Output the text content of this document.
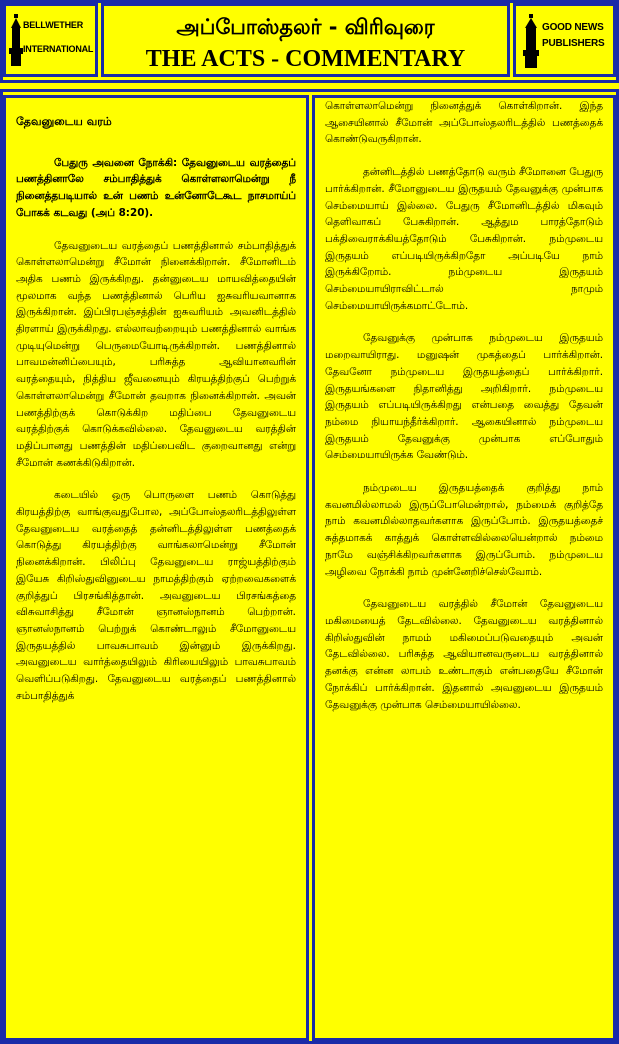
BELLWETHER
INTERNATIONAL
அப்போஸ்தலர் - விரிவுரை
THE ACTS - COMMENTARY
GOOD NEWS
PUBLISHERS
தேவனுடைய வரம்
பேதுரு அவனை நோக்கி: தேவனுடைய வரத்தைப் பணத்தினாலே சம்பாதித்துக் கொள்ளலாமென்று நீ நினைத்தபடியால் உன் பணம் உன்னோடேகூட நாசமாய்ப் போகக் கடவது (அப் 8:20).
தேவனுடைய வரத்தைப் பணத்தினால் சம்பாதித்துக் கொள்ளலாமென்று சீமோன் நினைக்கிறான். சீமோனிடம் அதிக பணம் இருக்கிறது. தன்னுடைய மாயவித்தையின் மூலமாக வந்த பணத்தினால் பெரிய ஐசுவரியவானாக இருக்கிறான். இப்பிரபஞ்சத்தின் ஐசுவரியம் அவனிடத்தில் திரளாய் இருக்கிறது. எல்லாவற்றையும் பணத்தினால் வாங்க முடியுமென்று பெருமையோடிருக்கிறான். பணத்தினால் பாவமன்னிப்பையும், பரிசுத்த ஆவியானவரின் வரத்தையும், நித்திய ஜீவனையும் கிரயத்திற்குப் பெற்றுக் கொள்ளலாமென்று சீமோன் தவறாக நினைக்கிறான். அவன் பணத்திற்குக் கொடுக்கிற மதிப்பை தேவனுடைய வரத்திற்குக் கொடுக்கவில்லை. தேவனுடைய வரத்தின் மதிப்பானது பணத்தின் மதிப்பைவிட குறைவானது என்று சீமோன் கணக்கிடுகிறான்.
கடையில் ஒரு பொருளை பணம் கொடுத்து கிரயத்திற்கு வாங்குவதுபோல, அப்போஸ்தலரிடத்திலுள்ள தேவனுடைய வரத்தைத் தன்னிடத்திலுள்ள பணத்தைக் கொடுத்து கிரயத்திற்கு வாங்கலாமென்று சீமோன் நினைக்கிறான். பிலிப்பு தேவனுடைய ராஜ்யத்திற்கும் இயேசு கிறிஸ்துவினுடைய நாமத்திற்கும் ஏற்றவைகளைக் குறித்துப் பிரசங்கித்தான். அவனுடைய பிரசங்கத்தை விசுவாசித்து சீமோன் ஞானஸ்நானம் பெற்றான். ஞானஸ்நானம் பெற்றுக் கொண்டாலும் சீமோனுடைய இருதயத்தில் பாவசுபாவம் இன்னும் இருக்கிறது. அவனுடைய வார்த்தையிலும் கிரியையிலும் பாவசுபாவம் வெளிப்படுகிறது. தேவனுடைய வரத்தைப் பணத்தினால் சம்பாதித்துக்
கொள்ளலாமென்று நினைத்துக் கொள்கிறான். இந்த ஆசையினால் சீமோன் அப்போஸ்தலரிடத்தில் பணத்தைக் கொண்டுவருகிறான்.
தன்னிடத்தில் பணத்தோடு வரும் சீமோனை பேதுரு பார்க்கிறான். சீமோனுடைய இருதயம் தேவனுக்கு முன்பாக செம்மையாய் இல்லை. பேதுரு சீமோனிடத்தில் மிகவும் தெளிவாகப் பேசுகிறான். ஆத்தும பாரத்தோடும் பக்திவைராக்கியத்தோடும் பேசுகிறான். நம்முடைய இருதயம் எப்படியிருக்கிறதோ அப்படியே நாம் இருக்கிறோம். நம்முடைய இருதயம் செம்மையாயிராவிட்டால் நாமும் செம்மையாயிருக்கமாட்டோம்.
தேவனுக்கு முன்பாக நம்முடைய இருதயம் மறைவாயிராது. மனுஷன் முகத்தைப் பார்க்கிறான். தேவனோ நம்முடைய இருதயத்தைப் பார்க்கிறார். இருதயங்களை நிதானித்து அறிகிறார். நம்முடைய இருதயம் எப்படியிருக்கிறது என்பதை வைத்து தேவன் நம்மை நியாயந்தீர்க்கிறார். ஆகையினால் நம்முடைய இருதயம் தேவனுக்கு முன்பாக எப்போதும் செம்மையாயிருக்க வேண்டும்.
நம்முடைய இருதயத்தைக் குறித்து நாம் கவனமில்லாமல் இருப்போமென்றால், நம்மைக் குறித்தே நாம் கவனமில்லாதவர்களாக இருப்போம். இருதயத்தைச் சுத்தமாகக் காத்துக் கொள்ளவில்லையென்றால் நம்மை நாமே வஞ்சிக்கிறவர்களாக இருப்போம். நம்முடைய அழிவை நோக்கி நாம் முன்னேறிச்செல்வோம்.
தேவனுடைய வரத்தில் சீமோன் தேவனுடைய மகிமையைத் தேடவில்லை. தேவனுடைய வரத்தினால் கிறிஸ்துவின் நாமம் மகிமைப்படுவதையும் அவன் தேடவில்லை. பரிசுத்த ஆவியானவருடைய வரத்தினால் தனக்கு என்ன லாபம் உண்டாகும் என்பதையே சீமோன் நோக்கிப் பார்க்கிறான். இதனால் அவனுடைய இருதயம் தேவனுக்கு முன்பாக செம்மையாயில்லை.
